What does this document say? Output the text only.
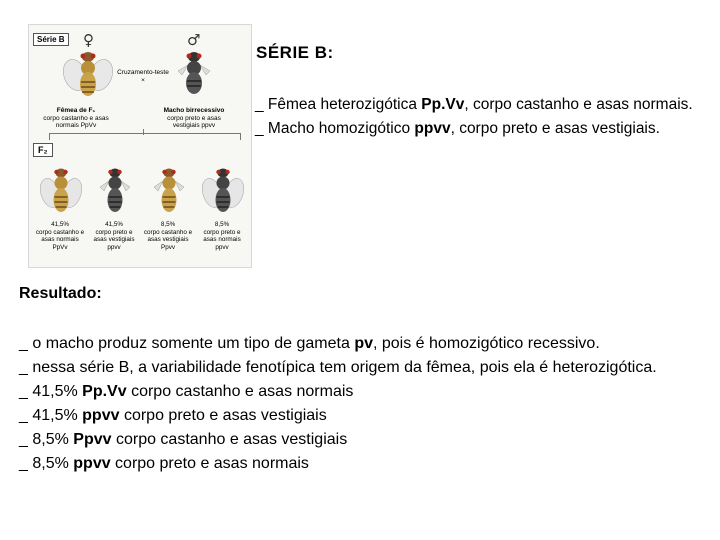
Série B ♀	♂
Cruzamento-teste
×
Fêmea de F₁
corpo castanho e asas normais PpVv
Macho birrecessivo
corpo preto e asas vestigiais ppvv
F₂
41,5%
corpo castanho e asas normais
PpVv
41,5%
corpo preto e asas vestigiais
ppvv
8,5%
corpo castanho e asas vestigiais
Ppvv
8,5%
corpo preto e asas normais
ppvv
SÉRIE B:
_ Fêmea heterozigótica Pp.Vv, corpo castanho e asas normais.
_ Macho homozigótico ppvv, corpo preto e asas vestigiais.
Resultado:
_ o macho produz somente um tipo de gameta pv, pois é homozigótico recessivo.
_ nessa série B, a variabilidade fenotípica tem origem da fêmea, pois ela é heterozigótica.
_ 41,5% Pp.Vv corpo castanho e asas normais
_ 41,5% ppvv corpo preto e asas vestigiais
_ 8,5% Ppvv corpo castanho e asas vestigiais
_ 8,5% ppvv corpo preto e asas normais
